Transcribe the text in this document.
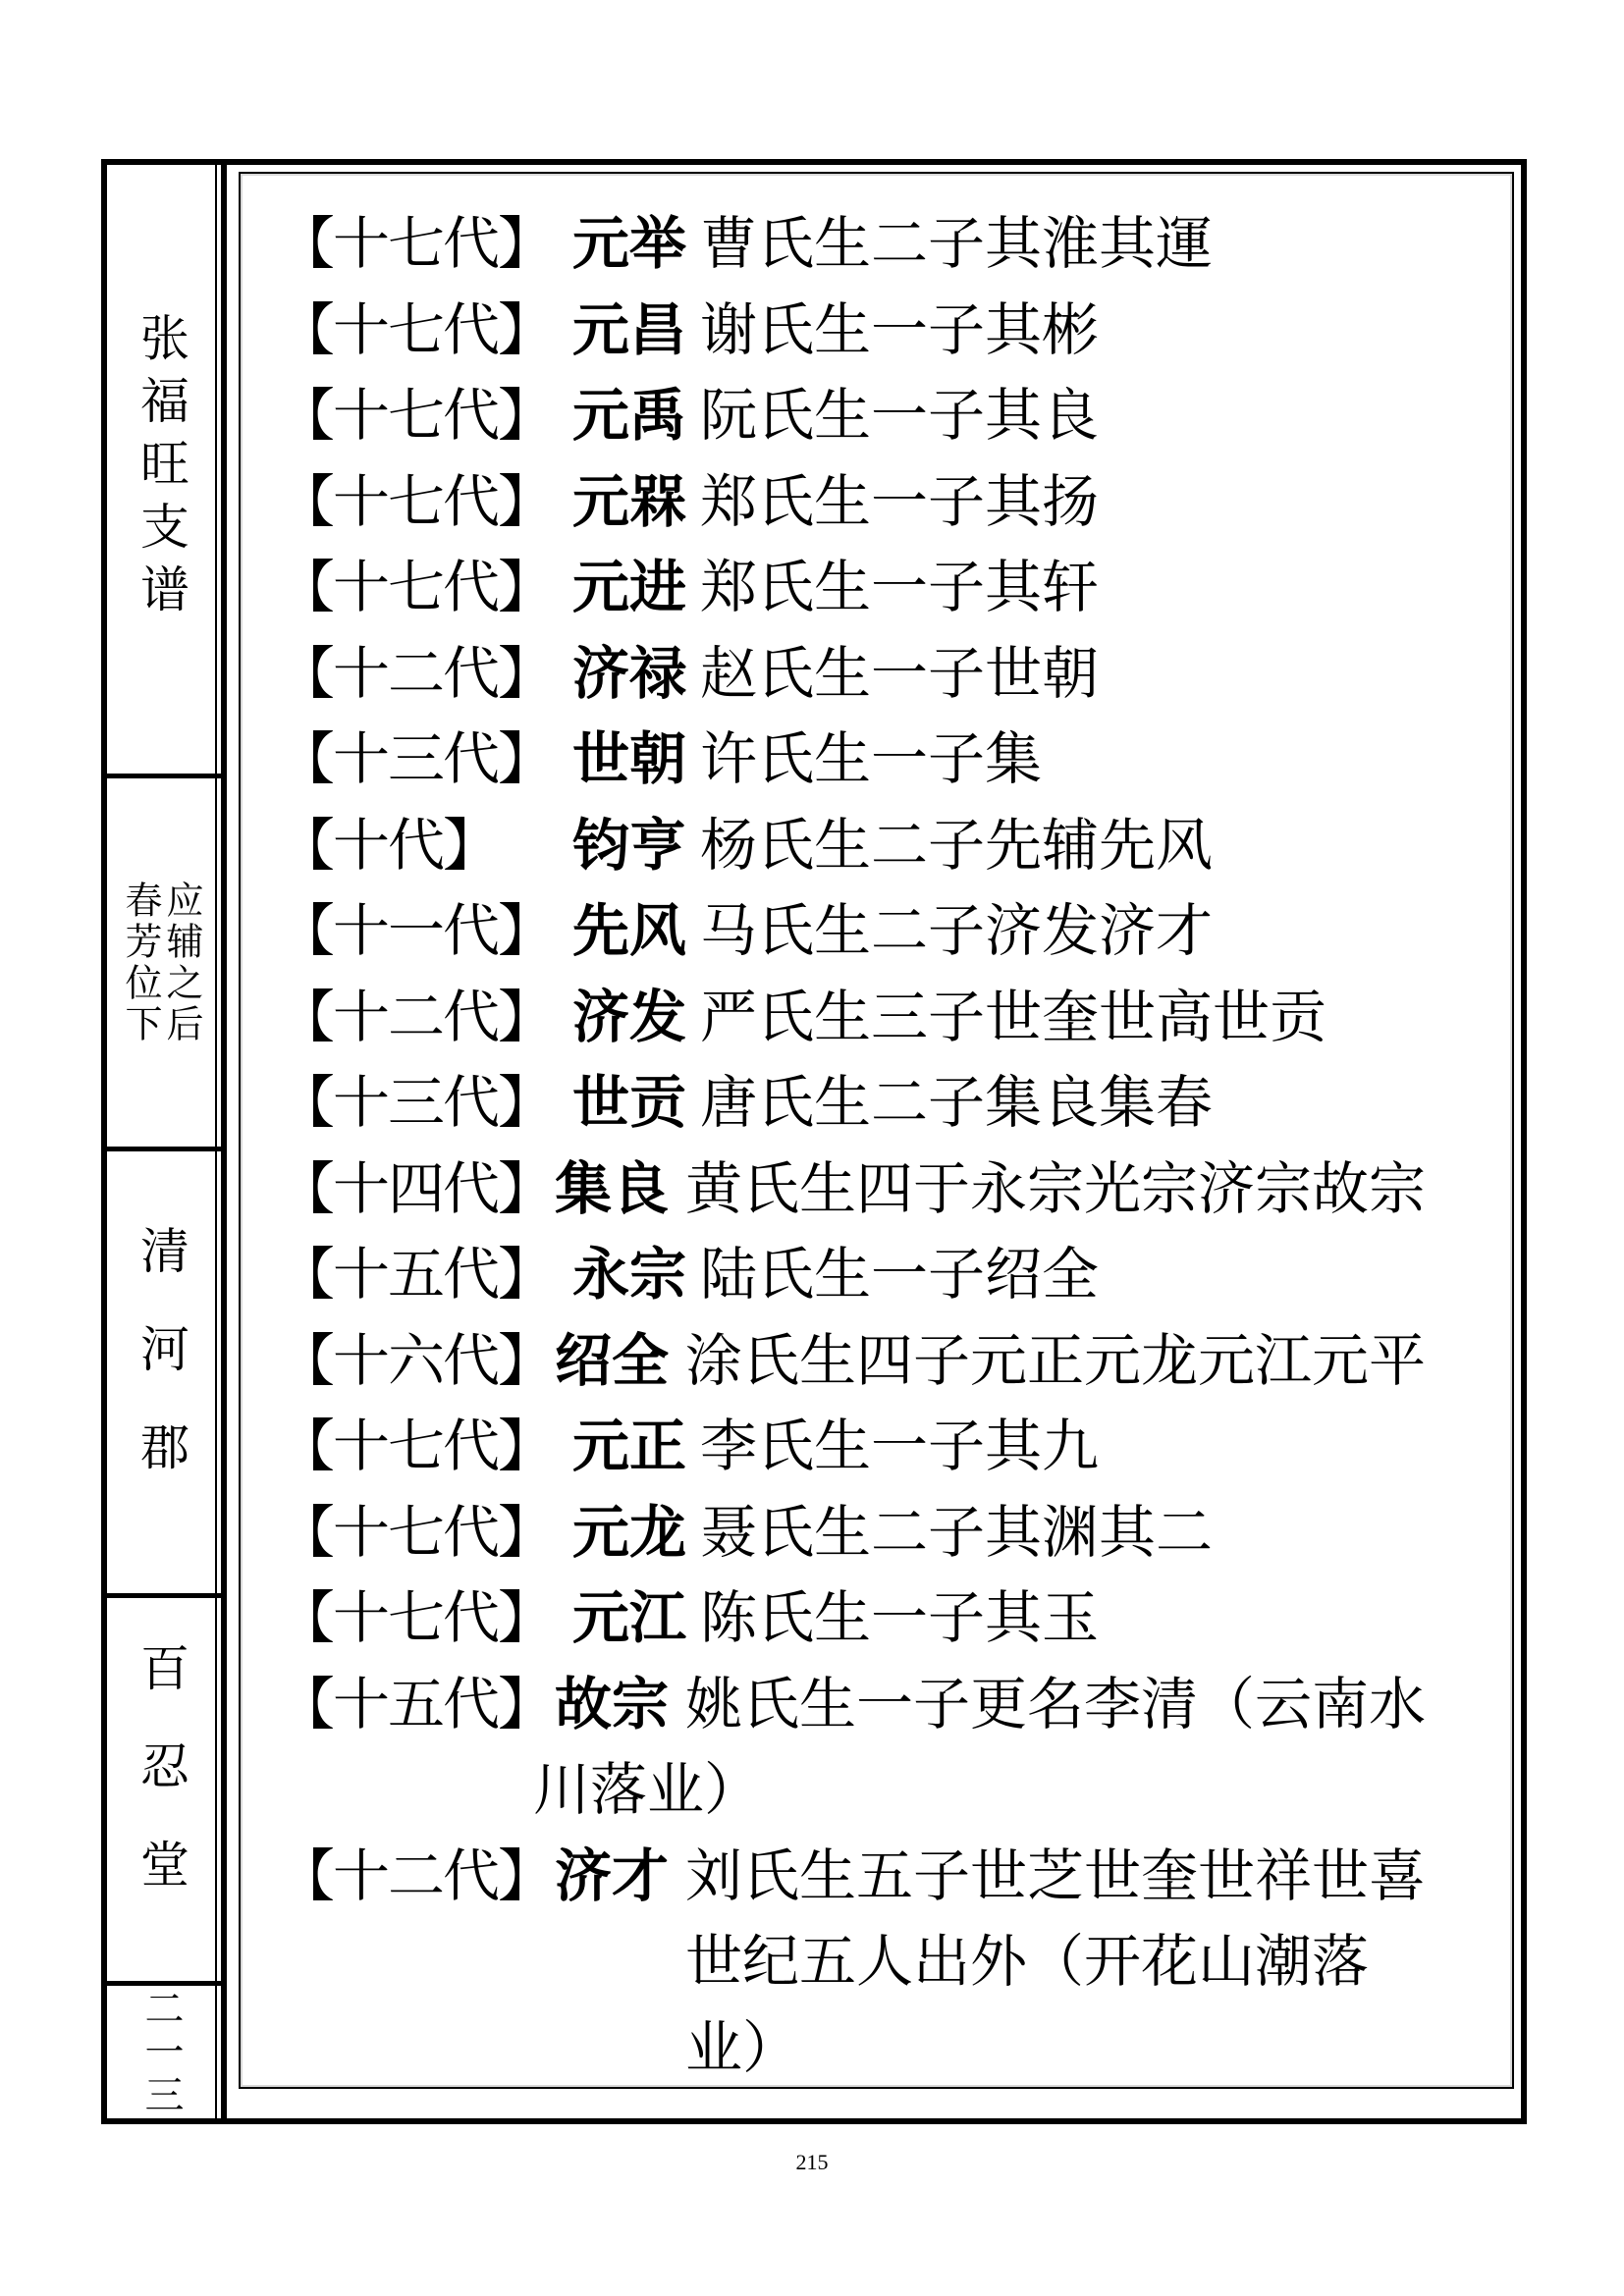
张福旺支谱
春芳位下
应辅之后
清河郡
百忍堂
二一三
【十七代】 元举 曹氏生二子其淮其運
【十七代】 元昌 谢氏生一子其彬
【十七代】 元禹 阮氏生一子其良
【十七代】 元槑 郑氏生一子其扬
【十七代】 元进 郑氏生一子其轩
【十二代】 济禄 赵氏生一子世朝
【十三代】 世朝 许氏生一子集
【十代】 钧亨 杨氏生二子先辅先风
【十一代】 先风 马氏生二子济发济才
【十二代】 济发 严氏生三子世奎世高世贡
【十三代】 世贡 唐氏生二子集良集春
【十四代】 集良 黄氏生四于永宗光宗济宗故宗
【十五代】 永宗 陆氏生一子绍全
【十六代】 绍全 涂氏生四子元正元龙元江元平
【十七代】 元正 李氏生一子其九
【十七代】 元龙 聂氏生二子其渊其二
【十七代】 元江 陈氏生一子其玉
【十五代】 故宗 姚氏生一子更名李清（云南水
川落业）
【十二代】 济才 刘氏生五子世芝世奎世祥世喜
世纪五人出外（开花山潮落
业）
215
